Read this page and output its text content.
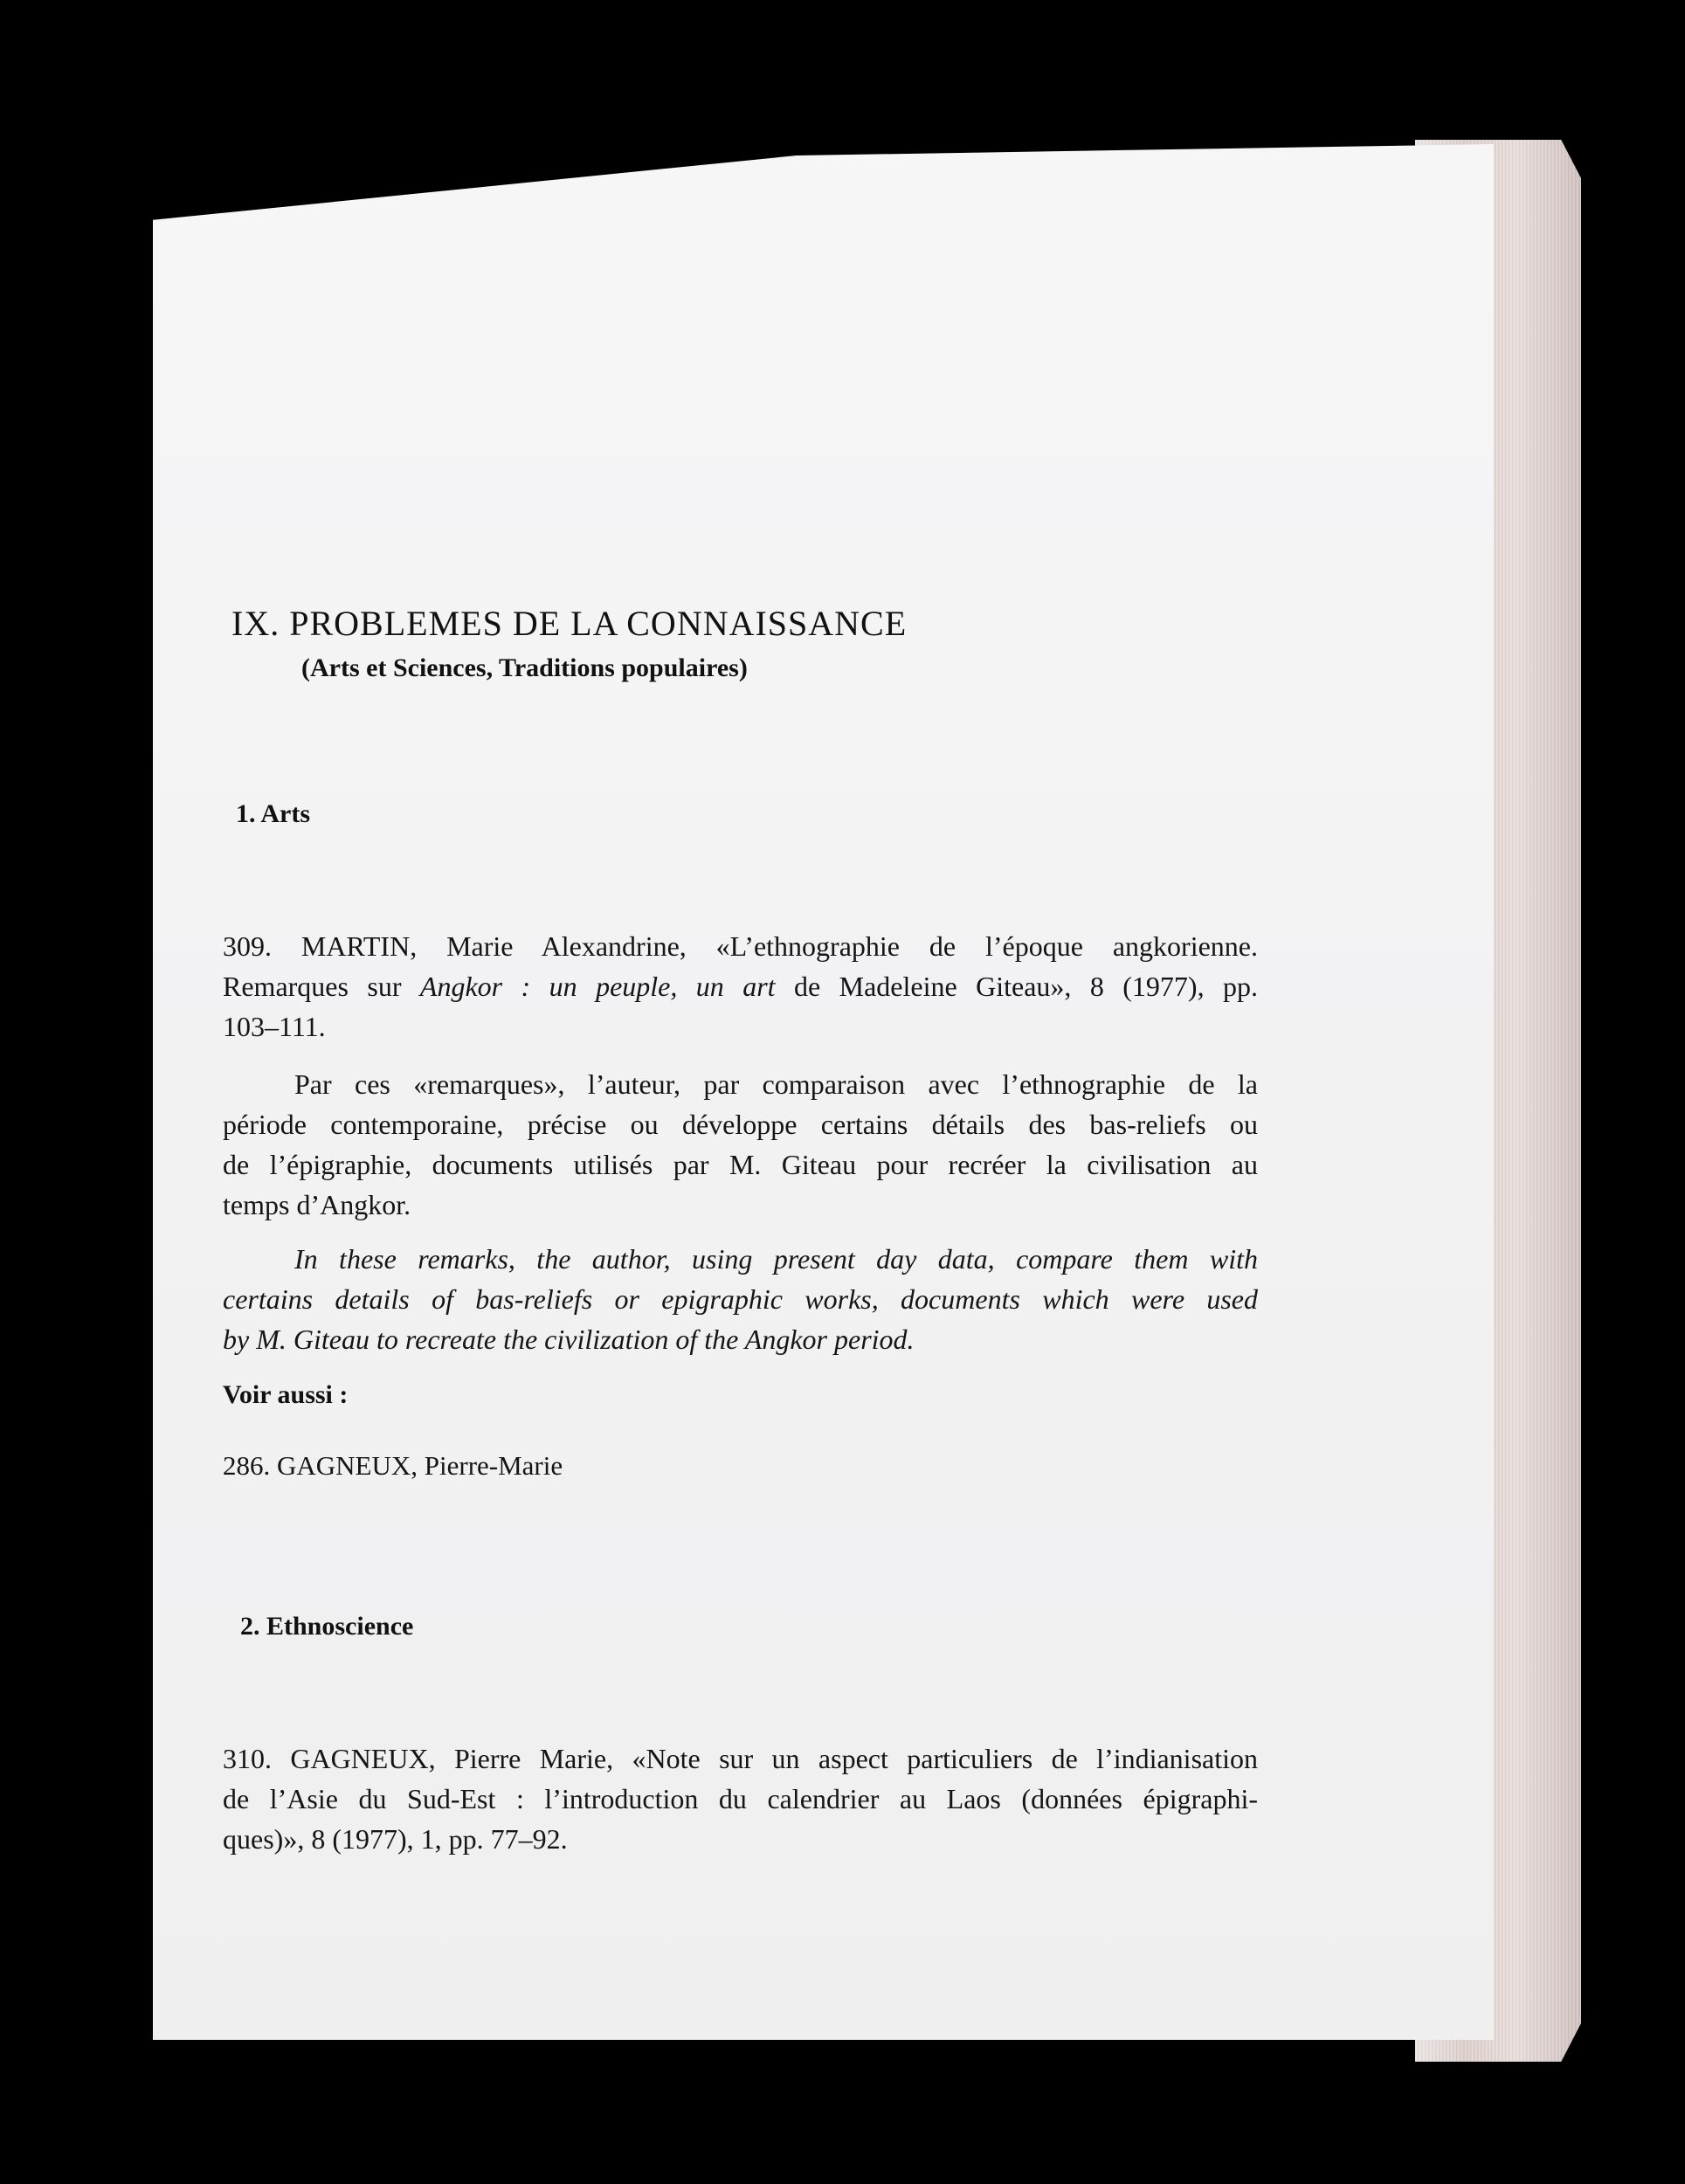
IX. PROBLEMES DE LA CONNAISSANCE
(Arts et Sciences, Traditions populaires)
1. Arts
309. MARTIN, Marie Alexandrine, «L’ethnographie de l’époque angkorienne.
Remarques sur Angkor : un peuple, un art de Madeleine Giteau», 8 (1977), pp.
103–111.
Par ces «remarques», l’auteur, par comparaison avec l’ethnographie de la
période contemporaine, précise ou développe certains détails des bas-reliefs ou
de l’épigraphie, documents utilisés par M. Giteau pour recréer la civilisation au
temps d’Angkor.
In these remarks, the author, using present day data, compare them with
certains details of bas-reliefs or epigraphic works, documents which were used
by M. Giteau to recreate the civilization of the Angkor period.
Voir aussi :
286. GAGNEUX, Pierre-Marie
2. Ethnoscience
310. GAGNEUX, Pierre Marie, «Note sur un aspect particuliers de l’indianisation
de l’Asie du Sud-Est : l’introduction du calendrier au Laos (données épigraphi-
ques)», 8 (1977), 1, pp. 77–92.
